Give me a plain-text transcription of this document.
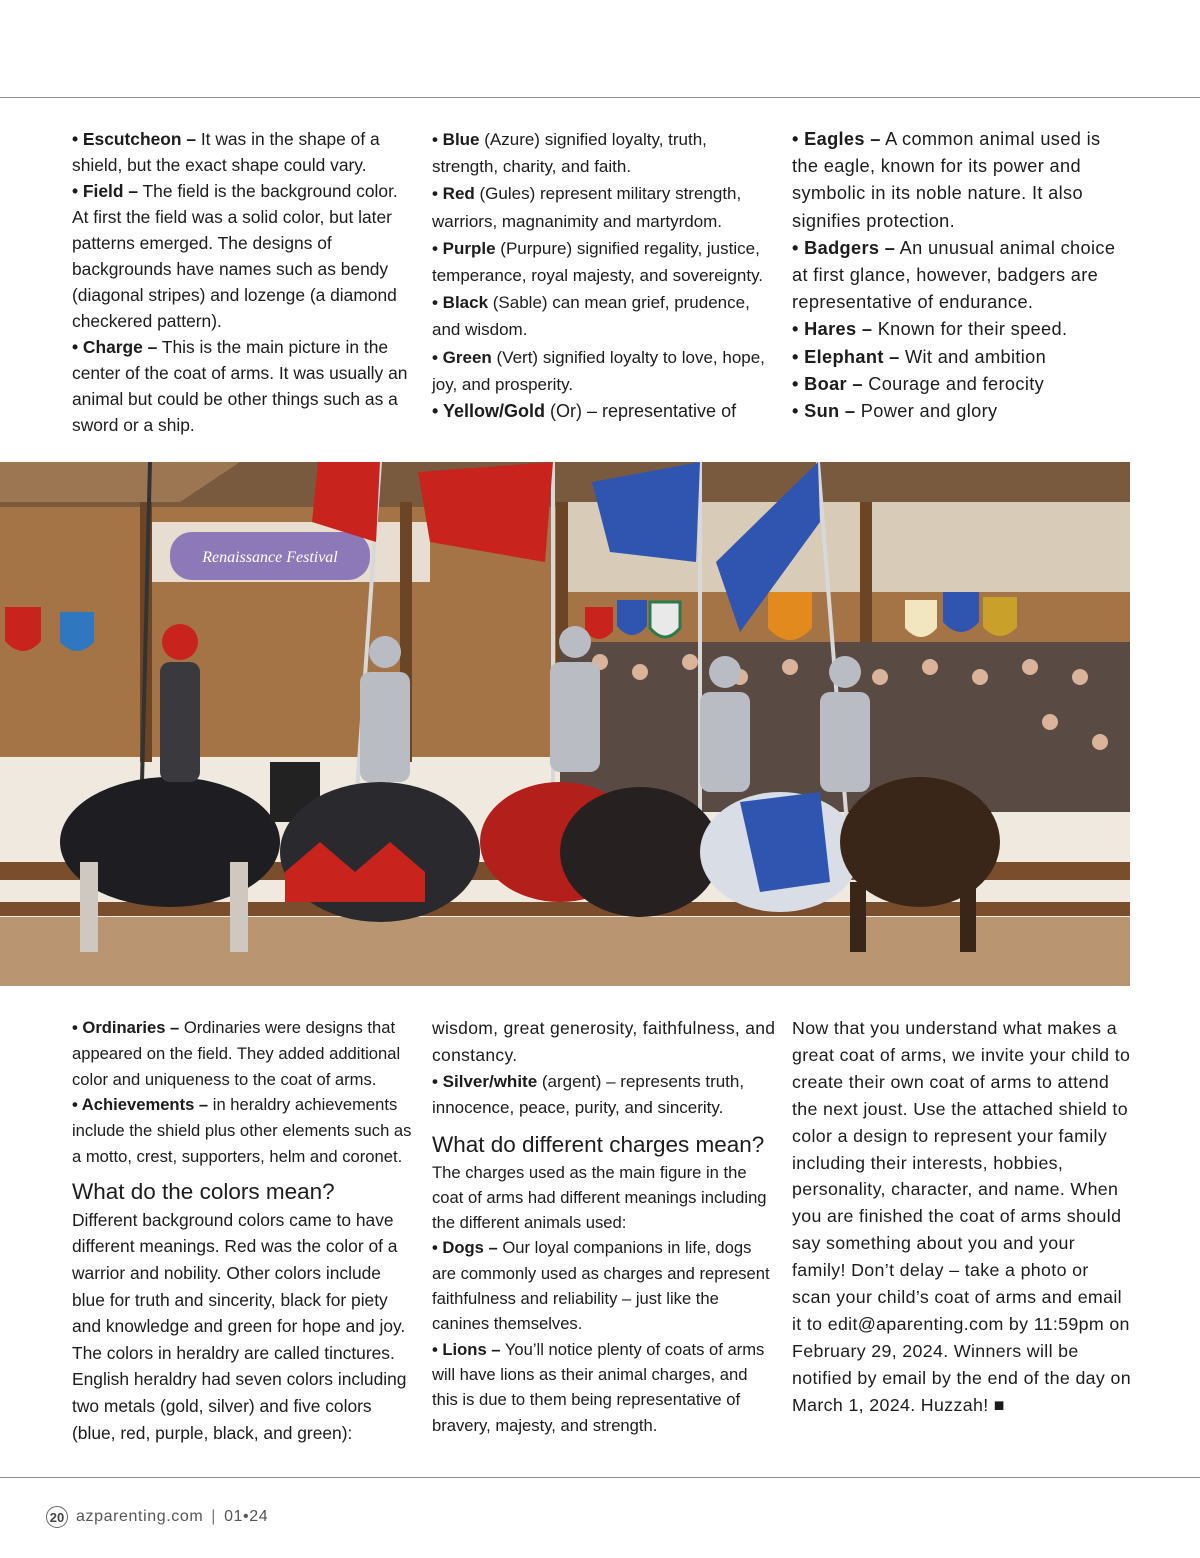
• Escutcheon – It was in the shape of a shield, but the exact shape could vary.

• Field – The field is the background color. At first the field was a solid color, but later patterns emerged. The designs of backgrounds have names such as bendy (diagonal stripes) and lozenge (a diamond checkered pattern).

• Charge – This is the main picture in the center of the coat of arms. It was usually an animal but could be other things such as a sword or a ship.

• Blue (Azure) signified loyalty, truth, strength, charity, and faith.

• Red (Gules) represent military strength, warriors, magnanimity and martyrdom.

• Purple (Purpure) signified regality, justice, temperance, royal majesty, and sovereignty.

• Black (Sable) can mean grief, prudence, and wisdom.

• Green (Vert) signified loyalty to love, hope, joy, and prosperity.

• Yellow/Gold (Or) – representative of

• Eagles – A common animal used is the eagle, known for its power and symbolic in its noble nature. It also signifies protection.

• Badgers – An unusual animal choice at first glance, however, badgers are representative of endurance.

• Hares – Known for their speed.

• Elephant – Wit and ambition

• Boar – Courage and ferocity

• Sun – Power and glory

Renaissance Festival

• Ordinaries – Ordinaries were designs that appeared on the field. They added additional color and uniqueness to the coat of arms.

• Achievements – in heraldry achievements include the shield plus other elements such as a motto, crest, supporters, helm and coronet.

What do the colors mean?

Different background colors came to have different meanings. Red was the color of a warrior and nobility. Other colors include blue for truth and sincerity, black for piety and knowledge and green for hope and joy. The colors in heraldry are called tinctures. English heraldry had seven colors including two metals (gold, silver) and five colors (blue, red, purple, black, and green):

wisdom, great generosity, faithfulness, and constancy.

• Silver/white (argent) – represents truth, innocence, peace, purity, and sincerity.

What do different charges mean?

The charges used as the main figure in the coat of arms had different meanings including the different animals used:

• Dogs – Our loyal companions in life, dogs are commonly used as charges and represent faithfulness and reliability – just like the canines themselves.

• Lions – You’ll notice plenty of coats of arms will have lions as their animal charges, and this is due to them being representative of bravery, majesty, and strength.

Now that you understand what makes a great coat of arms, we invite your child to create their own coat of arms to attend the next joust. Use the attached shield to color a design to represent your family including their interests, hobbies, personality, character, and name. When you are finished the coat of arms should say something about you and your family! Don’t delay – take a photo or scan your child’s coat of arms and email it to edit@aparenting.com by 11:59pm on February 29, 2024. Winners will be notified by email by the end of the day on March 1, 2024. Huzzah! ■

20 azparenting.com | 01•24
